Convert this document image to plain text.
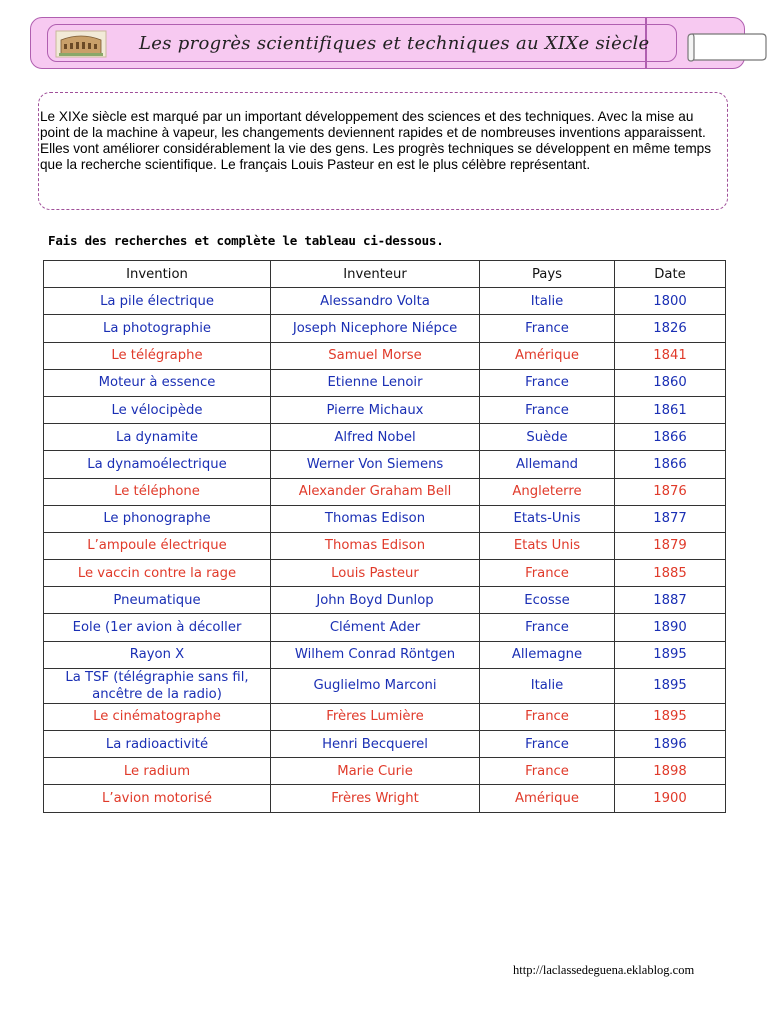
Les progrès scientifiques et techniques au XIXe siècle
Le XIXe siècle est marqué par un important développement des sciences et des techniques. Avec la mise au point de la machine à vapeur, les changements deviennent rapides et de nombreuses inventions apparaissent. Elles vont améliorer considérablement la vie des gens. Les progrès techniques se développent en même temps que la recherche scientifique. Le français Louis Pasteur en est le plus célèbre représentant.
Fais des recherches et complète le tableau ci-dessous.
Invention	Inventeur	Pays	Date
La pile électrique	Alessandro Volta	Italie	1800
La photographie	Joseph Nicephore Niépce	France	1826
Le télégraphe	Samuel Morse	Amérique	1841
Moteur à essence	Etienne Lenoir	France	1860
Le vélocipède	Pierre Michaux	France	1861
La dynamite	Alfred Nobel	Suède	1866
La dynamoélectrique	Werner Von Siemens	Allemand	1866
Le téléphone	Alexander Graham Bell	Angleterre	1876
Le phonographe	Thomas Edison	Etats-Unis	1877
L’ampoule électrique	Thomas Edison	Etats Unis	1879
Le vaccin contre la rage	Louis Pasteur	France	1885
Pneumatique	John Boyd Dunlop	Ecosse	1887
Eole (1er avion à décoller	Clément Ader	France	1890
Rayon X	Wilhem Conrad Röntgen	Allemagne	1895
La TSF (télégraphie sans fil, ancêtre de la radio)	Guglielmo Marconi	Italie	1895
Le cinématographe	Frères Lumière	France	1895
La radioactivité	Henri Becquerel	France	1896
Le radium	Marie Curie	France	1898
L’avion motorisé	Frères Wright	Amérique	1900
http://laclassedeguena.eklablog.com
